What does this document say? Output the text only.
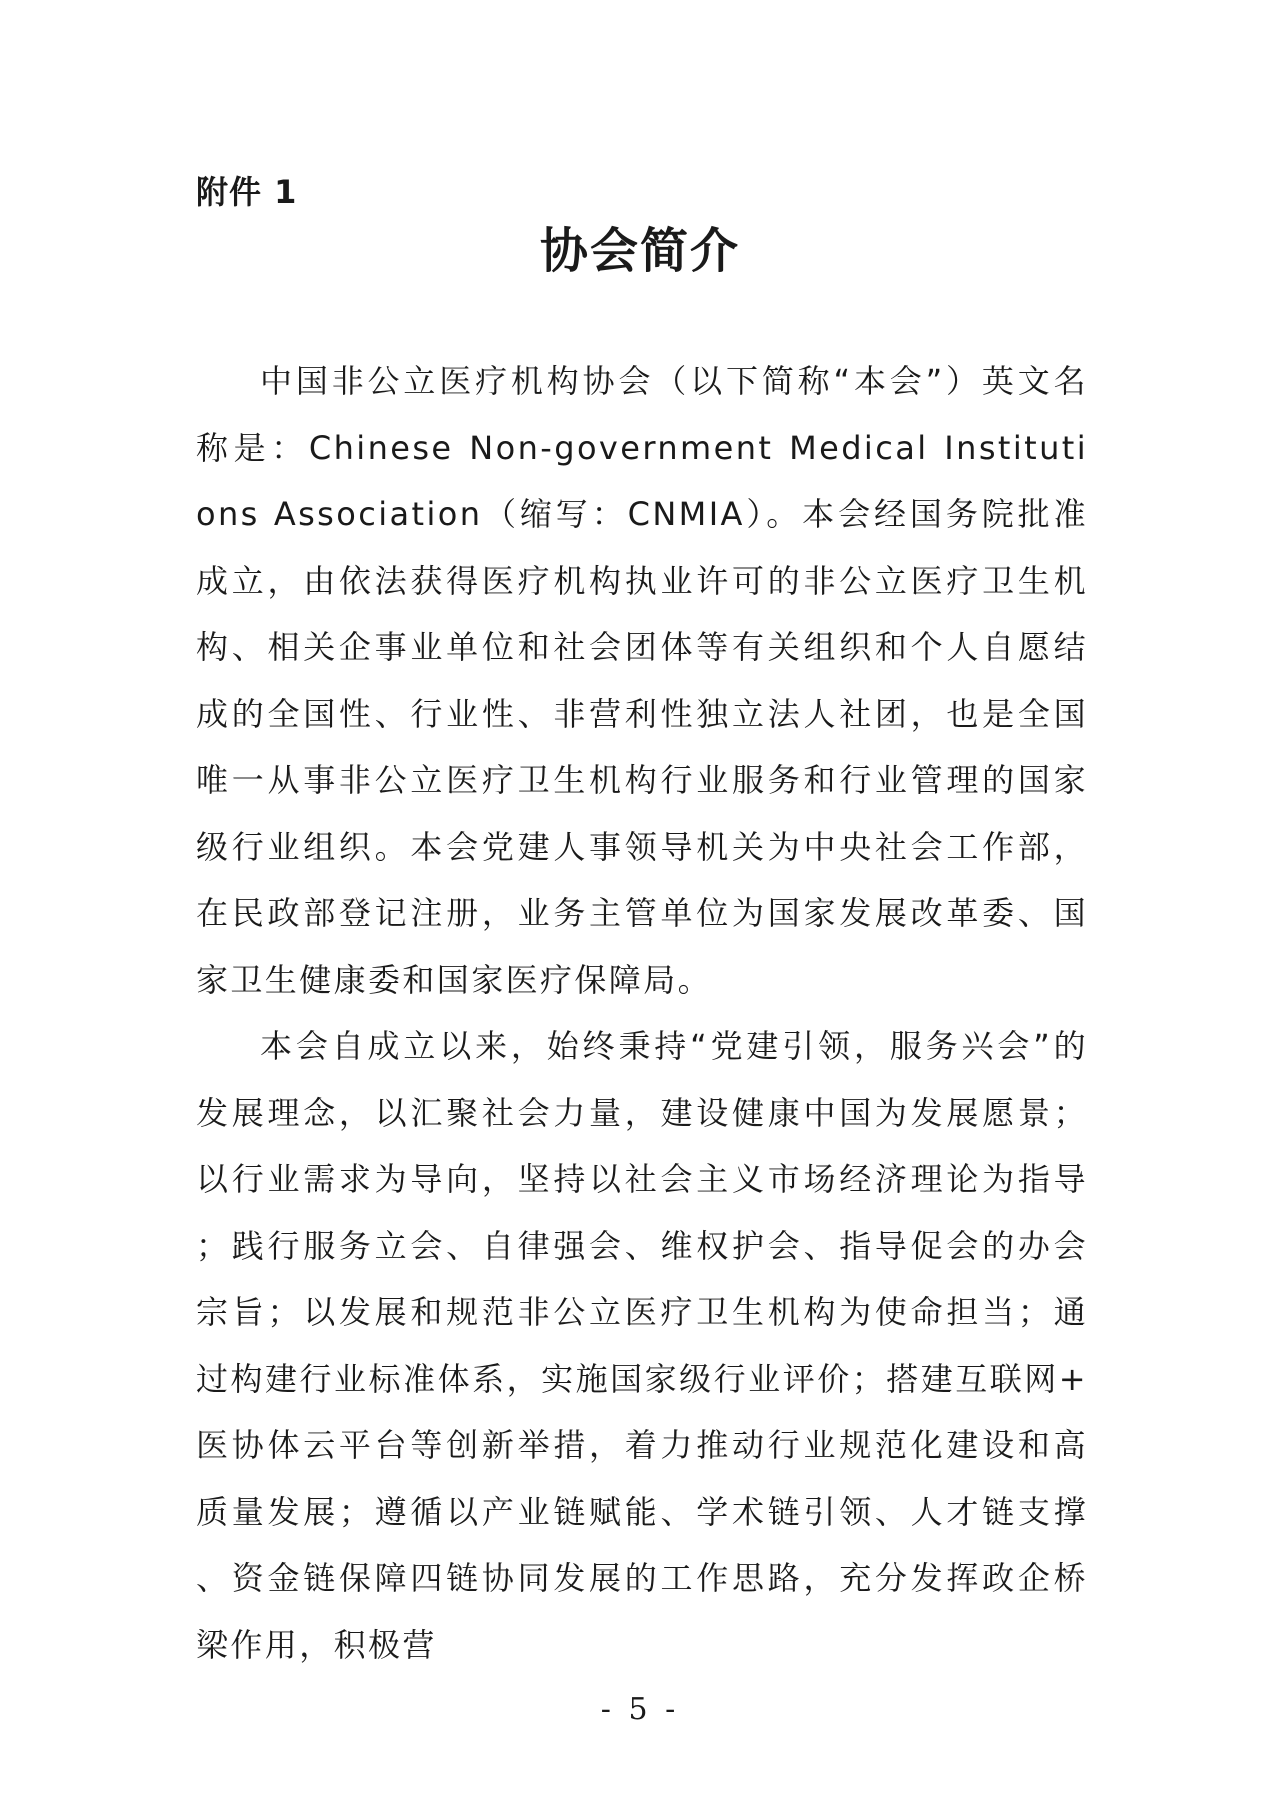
附件 1
协会简介

中国非公立医疗机构协会（以下简称“本会”）英文名称是：Chinese Non-government Medical Institutions Association（缩写：CNMIA）。本会经国务院批准成立，由依法获得医疗机构执业许可的非公立医疗卫生机构、相关企事业单位和社会团体等有关组织和个人自愿结成的全国性、行业性、非营利性独立法人社团，也是全国唯一从事非公立医疗卫生机构行业服务和行业管理的国家级行业组织。本会党建人事领导机关为中央社会工作部，在民政部登记注册，业务主管单位为国家发展改革委、国家卫生健康委和国家医疗保障局。

本会自成立以来，始终秉持“党建引领，服务兴会”的发展理念，以汇聚社会力量，建设健康中国为发展愿景；以行业需求为导向，坚持以社会主义市场经济理论为指导；践行服务立会、自律强会、维权护会、指导促会的办会宗旨；以发展和规范非公立医疗卫生机构为使命担当；通过构建行业标准体系，实施国家级行业评价；搭建互联网+医协体云平台等创新举措，着力推动行业规范化建设和高质量发展；遵循以产业链赋能、学术链引领、人才链支撑、资金链保障四链协同发展的工作思路，充分发挥政企桥梁作用，积极营

- 5 -
